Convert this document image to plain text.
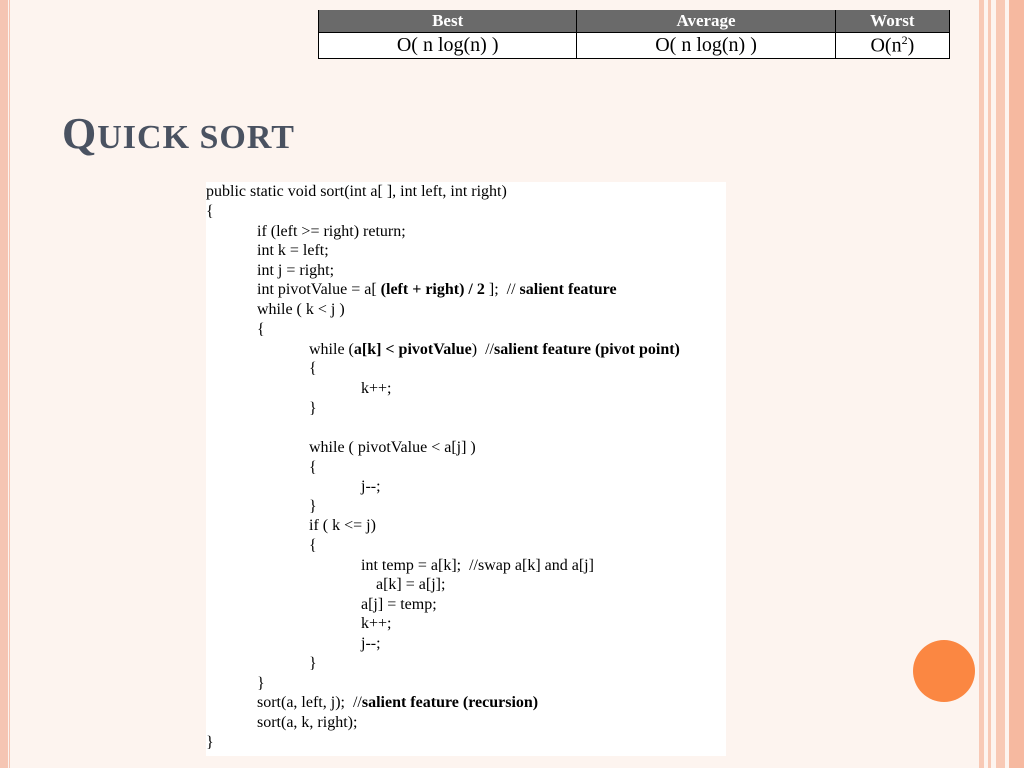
Best	Average	Worst
O( n log(n) )	O( n log(n) )	$O(n^2)$
QUICK SORT
public static void sort(int a[ ], int left, int right)
{
if (left >= right) return;
int k = left;
int j = right;
int pivotValue = a[ (left + right) / 2 ];  // salient feature
while ( k < j )
{
while (a[k] < pivotValue)  //salient feature (pivot point)
{
k++;
}
while ( pivotValue < a[j] )
{
j--;
}
if ( k <= j)
{
int temp = a[k];  //swap a[k] and a[j]
a[k] = a[j];
a[j] = temp;
k++;
j--;
}
}
sort(a, left, j);  //salient feature (recursion)
sort(a, k, right);
}
